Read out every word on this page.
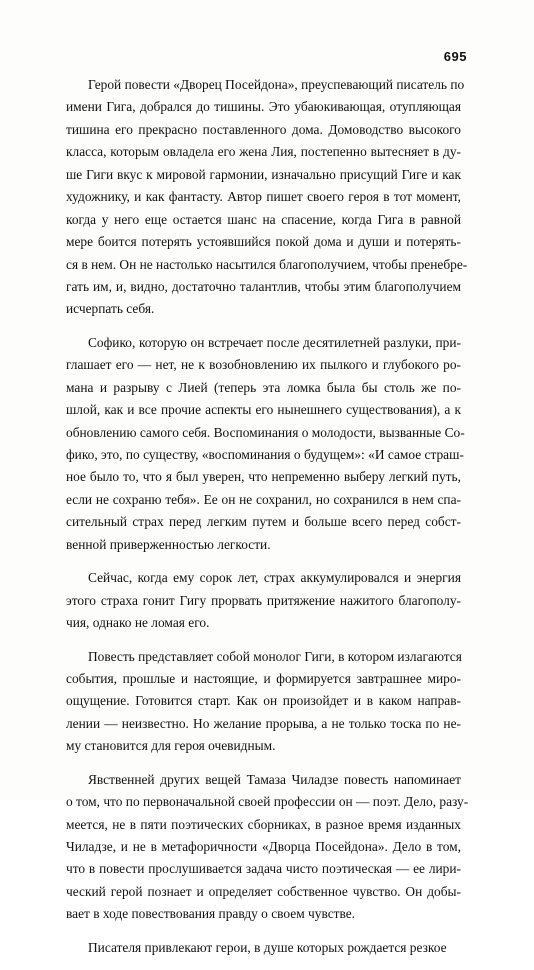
695
Герой повести «Дворец Посейдона», преуспевающий писатель по
имени Гига, добрался до тишины. Это убаюкивающая, отупляющая
тишина его прекрасно поставленного дома. Домоводство высокого
класса, которым овладела его жена Лия, постепенно вытесняет в ду-
ше Гиги вкус к мировой гармонии, изначально присущий Гиге и как
художнику, и как фантасту. Автор пишет своего героя в тот момент,
когда у него еще остается шанс на спасение, когда Гига в равной
мере боится потерять устоявшийся покой дома и души и потерять-
ся в нем. Он не настолько насытился благополучием, чтобы пренебре-
гать им, и, видно, достаточно талантлив, чтобы этим благополучием
исчерпать себя.
Софико, которую он встречает после десятилетней разлуки, при-
глашает его — нет, не к возобновлению их пылкого и глубокого ро-
мана и разрыву с Лией (теперь эта ломка была бы столь же по-
шлой, как и все прочие аспекты его нынешнего существования), а к
обновлению самого себя. Воспоминания о молодости, вызванные Со-
фико, это, по существу, «воспоминания о будущем»: «И самое страш-
ное было то, что я был уверен, что непременно выберу легкий путь,
если не сохраню тебя». Ее он не сохранил, но сохранился в нем спа-
сительный страх перед легким путем и больше всего перед собст-
венной приверженностью легкости.
Сейчас, когда ему сорок лет, страх аккумулировался и энергия
этого страха гонит Гигу прорвать притяжение нажитого благополу-
чия, однако не ломая его.
Повесть представляет собой монолог Гиги, в котором излагаются
события, прошлые и настоящие, и формируется завтрашнее миро-
ощущение. Готовится старт. Как он произойдет и в каком направ-
лении — неизвестно. Но желание прорыва, а не только тоска по не-
му становится для героя очевидным.
Явственней других вещей Тамаза Чиладзе повесть напоминает
о том, что по первоначальной своей профессии он — поэт. Дело, разу-
меется, не в пяти поэтических сборниках, в разное время изданных
Чиладзе, и не в метафоричности «Дворца Посейдона». Дело в том,
что в повести прослушивается задача чисто поэтическая — ее лири-
ческий герой познает и определяет собственное чувство. Он добы-
вает в ходе повествования правду о своем чувстве.
Писателя привлекают герои, в душе которых рождается резкое
